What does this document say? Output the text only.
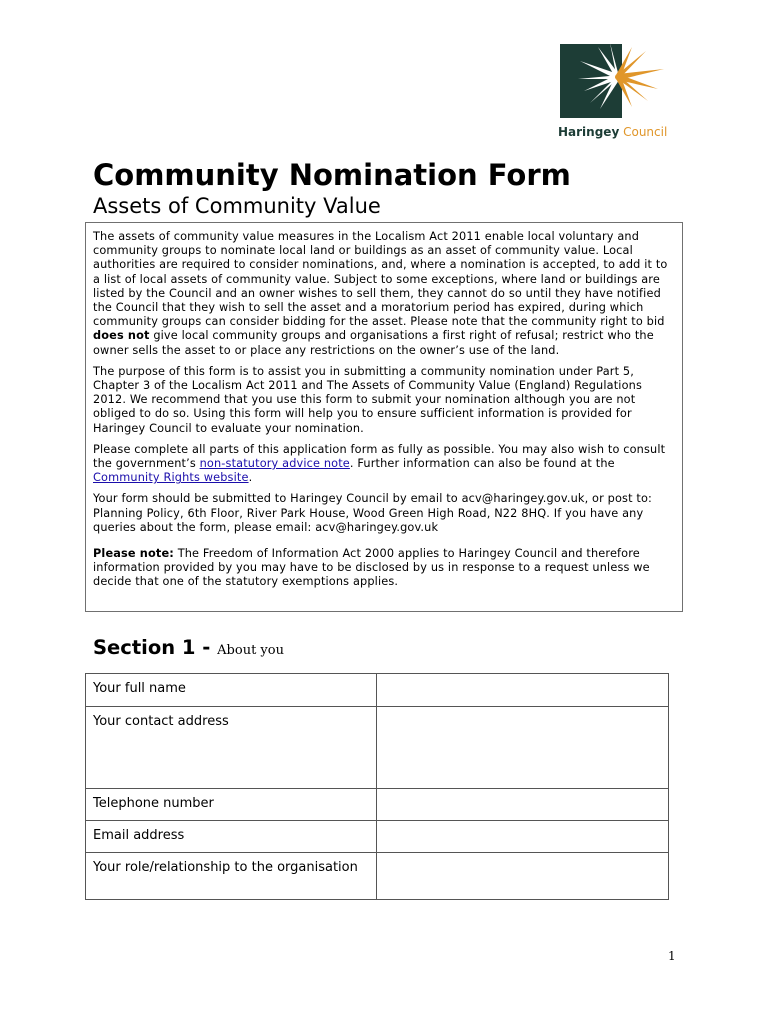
Haringey Council
Community Nomination Form
Assets of Community Value

The assets of community value measures in the Localism Act 2011 enable local voluntary and community groups to nominate local land or buildings as an asset of community value. Local authorities are required to consider nominations, and, where a nomination is accepted, to add it to a list of local assets of community value. Subject to some exceptions, where land or buildings are listed by the Council and an owner wishes to sell them, they cannot do so until they have notified the Council that they wish to sell the asset and a moratorium period has expired, during which community groups can consider bidding for the asset. Please note that the community right to bid does not give local community groups and organisations a first right of refusal; restrict who the owner sells the asset to or place any restrictions on the owner’s use of the land.

The purpose of this form is to assist you in submitting a community nomination under Part 5, Chapter 3 of the Localism Act 2011 and The Assets of Community Value (England) Regulations 2012. We recommend that you use this form to submit your nomination although you are not obliged to do so. Using this form will help you to ensure sufficient information is provided for Haringey Council to evaluate your nomination.

Please complete all parts of this application form as fully as possible. You may also wish to consult the government’s non-statutory advice note. Further information can also be found at the Community Rights website.

Your form should be submitted to Haringey Council by email to acv@haringey.gov.uk, or post to: Planning Policy, 6th Floor, River Park House, Wood Green High Road, N22 8HQ. If you have any queries about the form, please email: acv@haringey.gov.uk

Please note: The Freedom of Information Act 2000 applies to Haringey Council and therefore information provided by you may have to be disclosed by us in response to a request unless we decide that one of the statutory exemptions applies.

Section 1 - About you
Your full name	
Your contact address	
Telephone number	
Email address	
Your role/relationship to the organisation	
1
